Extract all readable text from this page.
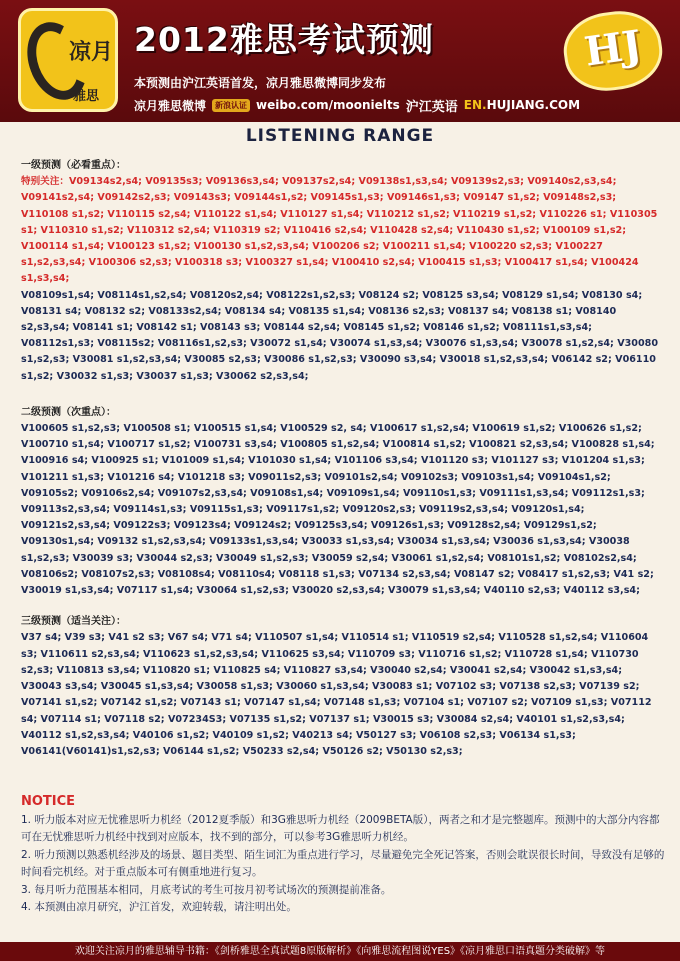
凉月
雅思
2012雅思考试预测
本预测由沪江英语首发，凉月雅思微博同步发布
凉月雅思微博	新浪认证 weibo.com/moonielts 沪江英语 EN.HUJIANG.COM
HJ
LISTENING RANGE
一级预测（必看重点）：
特别关注：V09134s2,s4; V09135s3; V09136s3,s4; V09137s2,s4; V09138s1,s3,s4; V09139s2,s3; V09140s2,s3,s4; V09141s2,s4; V09142s2,s3; V09143s3; V09144s1,s2; V09145s1,s3; V09146s1,s3; V09147 s1,s2; V09148s2,s3; V110108 s1,s2; V110115 s2,s4; V110122 s1,s4; V110127 s1,s4; V110212 s1,s2; V110219 s1,s2; V110226 s1; V110305 s1; V110310 s1,s2; V110312 s2,s4; V110319 s2; V110416 s2,s4; V110428 s2,s4; V110430 s1,s2; V100109 s1,s2; V100114 s1,s4; V100123 s1,s2; V100130 s1,s2,s3,s4; V100206 s2; V100211 s1,s4; V100220 s2,s3; V100227 s1,s2,s3,s4; V100306 s2,s3; V100318 s3; V100327 s1,s4; V100410 s2,s4; V100415 s1,s3; V100417 s1,s4; V100424 s1,s3,s4;
V08109s1,s4; V08114s1,s2,s4; V08120s2,s4; V08122s1,s2,s3; V08124 s2; V08125 s3,s4; V08129 s1,s4; V08130 s4; V08131 s4; V08132 s2; V08133s2,s4; V08134 s4; V08135 s1,s4; V08136 s2,s3; V08137 s4; V08138 s1; V08140 s2,s3,s4; V08141 s1; V08142 s1; V08143 s3; V08144 s2,s4; V08145 s1,s2; V08146 s1,s2; V08111s1,s3,s4; V08112s1,s3; V08115s2; V08116s1,s2,s3; V30072 s1,s4; V30074 s1,s3,s4; V30076 s1,s3,s4; V30078 s1,s2,s4; V30080 s1,s2,s3; V30081 s1,s2,s3,s4; V30085 s2,s3; V30086 s1,s2,s3; V30090 s3,s4; V30018 s1,s2,s3,s4; V06142 s2; V06110 s1,s2; V30032 s1,s3; V30037 s1,s3; V30062 s2,s3,s4;
二级预测（次重点）：
V100605 s1,s2,s3; V100508 s1; V100515 s1,s4; V100529 s2, s4; V100617 s1,s2,s4; V100619 s1,s2; V100626 s1,s2; V100710 s1,s4; V100717 s1,s2; V100731 s3,s4; V100805 s1,s2,s4; V100814 s1,s2; V100821 s2,s3,s4; V100828 s1,s4; V100916 s4; V100925 s1; V101009 s1,s4; V101030 s1,s4; V101106 s3,s4; V101120 s3; V101127 s3; V101204 s1,s3; V101211 s1,s3; V101216 s4; V101218 s3; V09011s2,s3; V09101s2,s4; V09102s3; V09103s1,s4; V09104s1,s2; V09105s2; V09106s2,s4; V09107s2,s3,s4; V09108s1,s4; V09109s1,s4; V09110s1,s3; V09111s1,s3,s4; V09112s1,s3; V09113s2,s3,s4; V09114s1,s3; V09115s1,s3; V09117s1,s2; V09120s2,s3; V09119s2,s3,s4; V09120s1,s4; V09121s2,s3,s4; V09122s3; V09123s4; V09124s2; V09125s3,s4; V09126s1,s3; V09128s2,s4; V09129s1,s2; V09130s1,s4; V09132 s1,s2,s3,s4; V09133s1,s3,s4; V30033 s1,s3,s4; V30034 s1,s3,s4; V30036 s1,s3,s4; V30038 s1,s2,s3; V30039 s3; V30044 s2,s3; V30049 s1,s2,s3; V30059 s2,s4; V30061 s1,s2,s4; V08101s1,s2; V08102s2,s4; V08106s2; V08107s2,s3; V08108s4; V08110s4; V08118 s1,s3; V07134 s2,s3,s4; V08147 s2; V08417 s1,s2,s3; V41 s2; V30019 s1,s3,s4; V07117 s1,s4; V30064 s1,s2,s3; V30020 s2,s3,s4; V30079 s1,s3,s4; V40110 s2,s3; V40112 s3,s4;
三级预测（适当关注）：
V37 s4; V39 s3; V41 s2 s3; V67 s4; V71 s4; V110507 s1,s4; V110514 s1; V110519 s2,s4; V110528 s1,s2,s4; V110604 s3; V110611 s2,s3,s4; V110623 s1,s2,s3,s4; V110625 s3,s4; V110709 s3; V110716 s1,s2; V110728 s1,s4; V110730 s2,s3; V110813 s3,s4; V110820 s1; V110825 s4; V110827 s3,s4; V30040 s2,s4; V30041 s2,s4; V30042 s1,s3,s4; V30043 s3,s4; V30045 s1,s3,s4; V30058 s1,s3; V30060 s1,s3,s4; V30083 s1; V07102 s3; V07138 s2,s3; V07139 s2; V07141 s1,s2; V07142 s1,s2; V07143 s1; V07147 s1,s4; V07148 s1,s3; V07104 s1; V07107 s2; V07109 s1,s3; V07112 s4; V07114 s1; V07118 s2; V07234S3; V07135 s1,s2; V07137 s1; V30015 s3; V30084 s2,s4; V40101 s1,s2,s3,s4; V40112 s1,s2,s3,s4; V40106 s1,s2; V40109 s1,s2; V40213 s4; V50127 s3; V06108 s2,s3; V06134 s1,s3; V06141(V60141)s1,s2,s3; V06144 s1,s2; V50233 s2,s4; V50126 s2; V50130 s2,s3;
NOTICE
1. 听力版本对应无忧雅思听力机经（2012夏季版）和3G雅思听力机经（2009BETA版），两者之和才是完整题库。预测中的大部分内容都可在无忧雅思听力机经中找到对应版本，找不到的部分，可以参考3G雅思听力机经。
2. 听力预测以熟悉机经涉及的场景、题目类型、陌生词汇为重点进行学习，尽量避免完全死记答案，否则会耽误很长时间，导致没有足够的时间看完机经。对于重点版本可有侧重地进行复习。
3. 每月听力范围基本相同，月底考试的考生可按月初考试场次的预测提前准备。
4. 本预测由凉月研究，沪江首发，欢迎转载，请注明出处。
欢迎关注凉月的雅思辅导书籍：《剑桥雅思全真试题8原版解析》《向雅思流程图说YES》《凉月雅思口语真题分类破解》等
